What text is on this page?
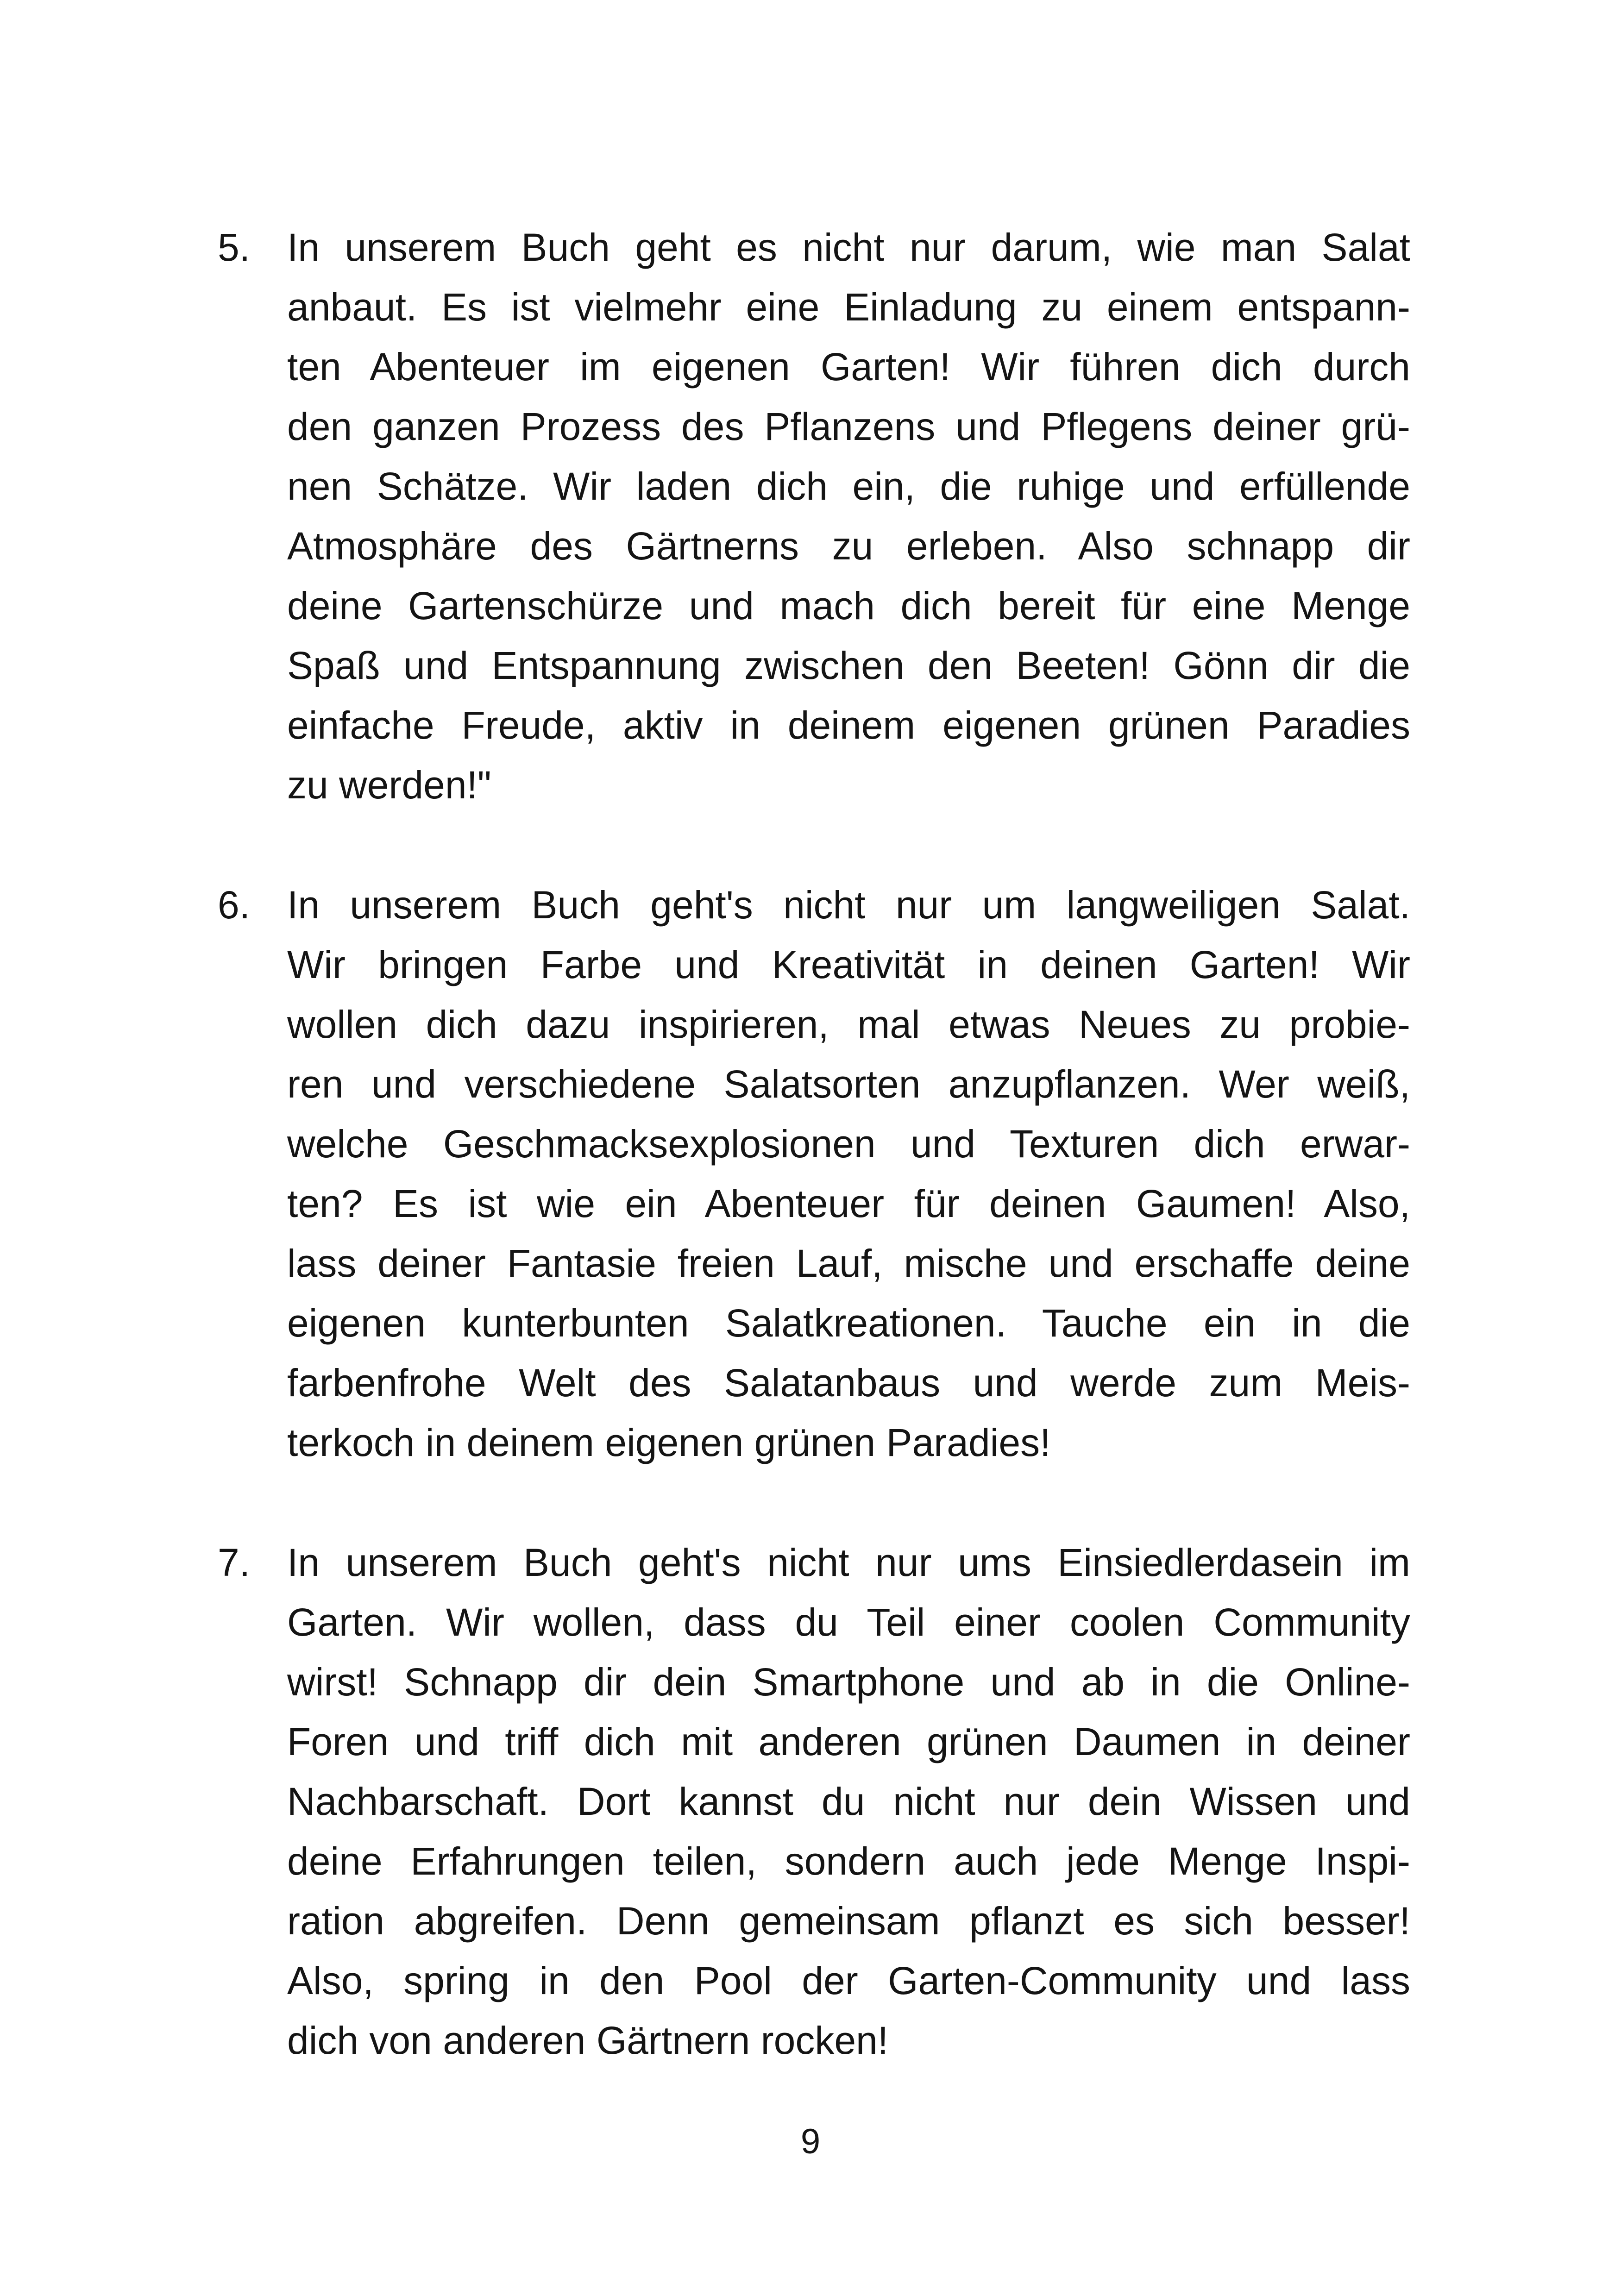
5. In unserem Buch geht es nicht nur darum, wie man Salat
anbaut. Es ist vielmehr eine Einladung zu einem entspann-
ten Abenteuer im eigenen Garten! Wir führen dich durch
den ganzen Prozess des Pflanzens und Pflegens deiner grü-
nen Schätze. Wir laden dich ein, die ruhige und erfüllende
Atmosphäre des Gärtnerns zu erleben. Also schnapp dir
deine Gartenschürze und mach dich bereit für eine Menge
Spaß und Entspannung zwischen den Beeten! Gönn dir die
einfache Freude, aktiv in deinem eigenen grünen Paradies
zu werden!"
6. In unserem Buch geht's nicht nur um langweiligen Salat.
Wir bringen Farbe und Kreativität in deinen Garten! Wir
wollen dich dazu inspirieren, mal etwas Neues zu probie-
ren und verschiedene Salatsorten anzupflanzen. Wer weiß,
welche Geschmacksexplosionen und Texturen dich erwar-
ten? Es ist wie ein Abenteuer für deinen Gaumen! Also,
lass deiner Fantasie freien Lauf, mische und erschaffe deine
eigenen kunterbunten Salatkreationen. Tauche ein in die
farbenfrohe Welt des Salatanbaus und werde zum Meis-
terkoch in deinem eigenen grünen Paradies!
7. In unserem Buch geht's nicht nur ums Einsiedlerdasein im
Garten. Wir wollen, dass du Teil einer coolen Community
wirst! Schnapp dir dein Smartphone und ab in die Online-
Foren und triff dich mit anderen grünen Daumen in deiner
Nachbarschaft. Dort kannst du nicht nur dein Wissen und
deine Erfahrungen teilen, sondern auch jede Menge Inspi-
ration abgreifen. Denn gemeinsam pflanzt es sich besser!
Also, spring in den Pool der Garten-Community und lass
dich von anderen Gärtnern rocken!
9
